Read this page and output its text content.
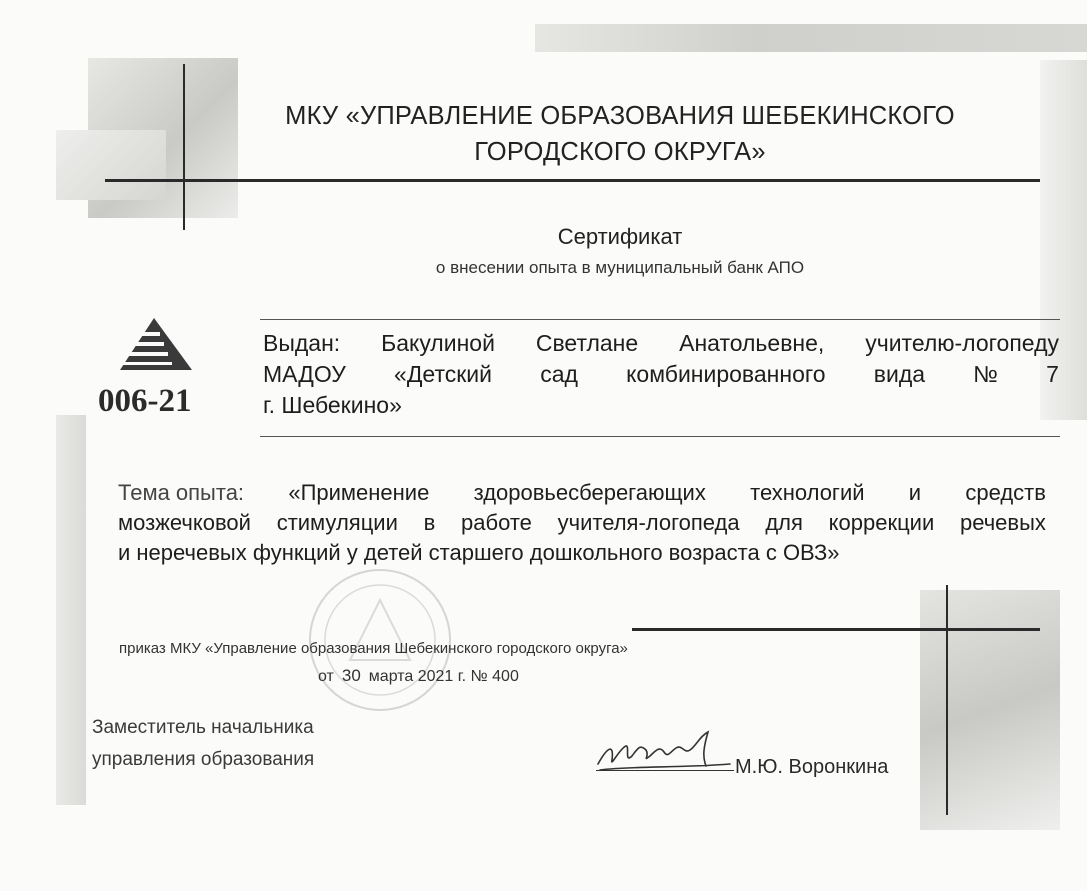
МКУ «УПРАВЛЕНИЕ ОБРАЗОВАНИЯ ШЕБЕКИНСКОГО
ГОРОДСКОГО ОКРУГА»
Сертификат
о внесении опыта в муниципальный банк АПО
006-21
Выдан: Бакулиной Светлане Анатольевне, учителю-логопеду
МАДОУ «Детский сад комбинированного вида № 7
г. Шебекино»
Тема опыта: «Применение здоровьесберегающих технологий и средств
мозжечковой стимуляции в работе учителя-логопеда для коррекции речевых
и неречевых функций у детей старшего дошкольного возраста с ОВЗ»
приказ МКУ «Управление образования Шебекинского городского округа»
от 30 марта 2021 г. № 400
Заместитель начальника
управления образования	М.Ю. Воронкина
